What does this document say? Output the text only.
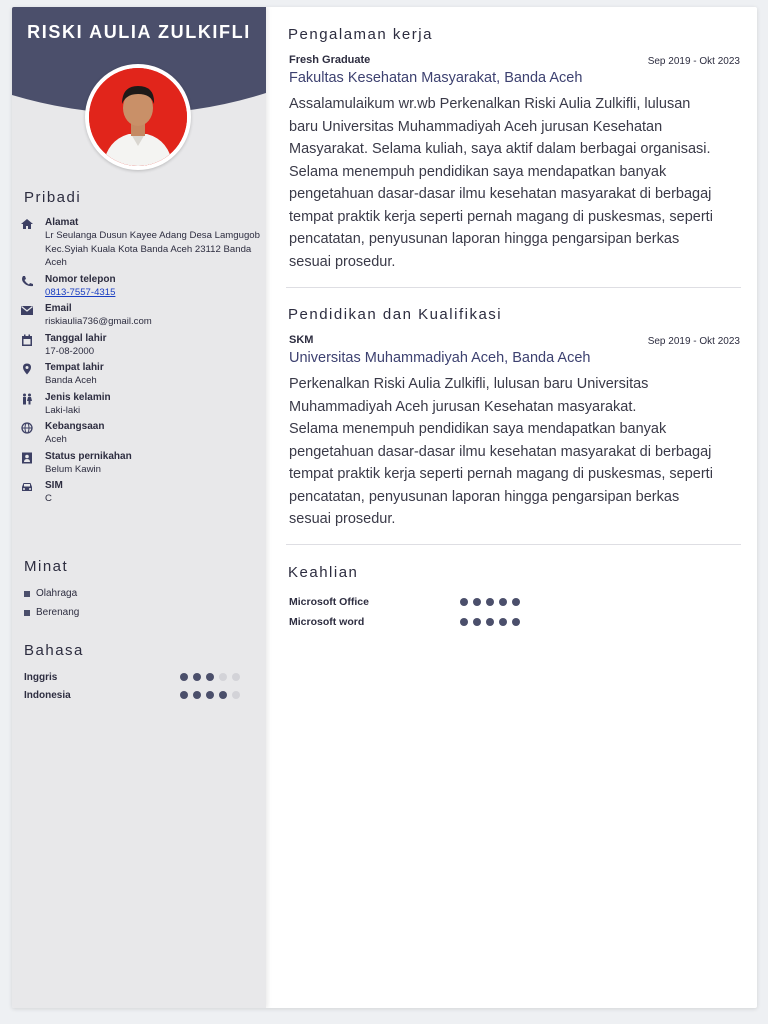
RISKI AULIA ZULKIFLI
Pribadi
Alamat
Lr Seulanga Dusun Kayee Adang Desa Lamgugob Kec.Syiah Kuala Kota Banda Aceh 23112 Banda Aceh
Nomor telepon
0813-7557-4315
Email
riskiaulia736@gmail.com
Tanggal lahir
17-08-2000
Tempat lahir
Banda Aceh
Jenis kelamin
Laki-laki
Kebangsaan
Aceh
Status pernikahan
Belum Kawin
SIM
C
Minat
Olahraga
Berenang
Bahasa
Inggris
Indonesia
Pengalaman kerja
Fresh Graduate	Sep 2019 - Okt 2023
Fakultas Kesehatan Masyarakat, Banda Aceh
Assalamulaikum wr.wb Perkenalkan Riski Aulia Zulkifli, lulusan
baru Universitas Muhammadiyah Aceh jurusan Kesehatan
Masyarakat. Selama kuliah, saya aktif dalam berbagai organisasi.
Selama menempuh pendidikan saya mendapatkan banyak
pengetahuan dasar-dasar ilmu kesehatan masyarakat di berbagaj
tempat praktik kerja seperti pernah magang di puskesmas, seperti
pencatatan, penyusunan laporan hingga pengarsipan berkas
sesuai prosedur.
Pendidikan dan Kualifikasi
SKM	Sep 2019 - Okt 2023
Universitas Muhammadiyah Aceh, Banda Aceh
Perkenalkan Riski Aulia Zulkifli, lulusan baru Universitas
Muhammadiyah Aceh jurusan Kesehatan masyarakat.
Selama menempuh pendidikan saya mendapatkan banyak
pengetahuan dasar-dasar ilmu kesehatan masyarakat di berbagaj
tempat praktik kerja seperti pernah magang di puskesmas, seperti
pencatatan, penyusunan laporan hingga pengarsipan berkas
sesuai prosedur.
Keahlian
Microsoft Office
Microsoft word
